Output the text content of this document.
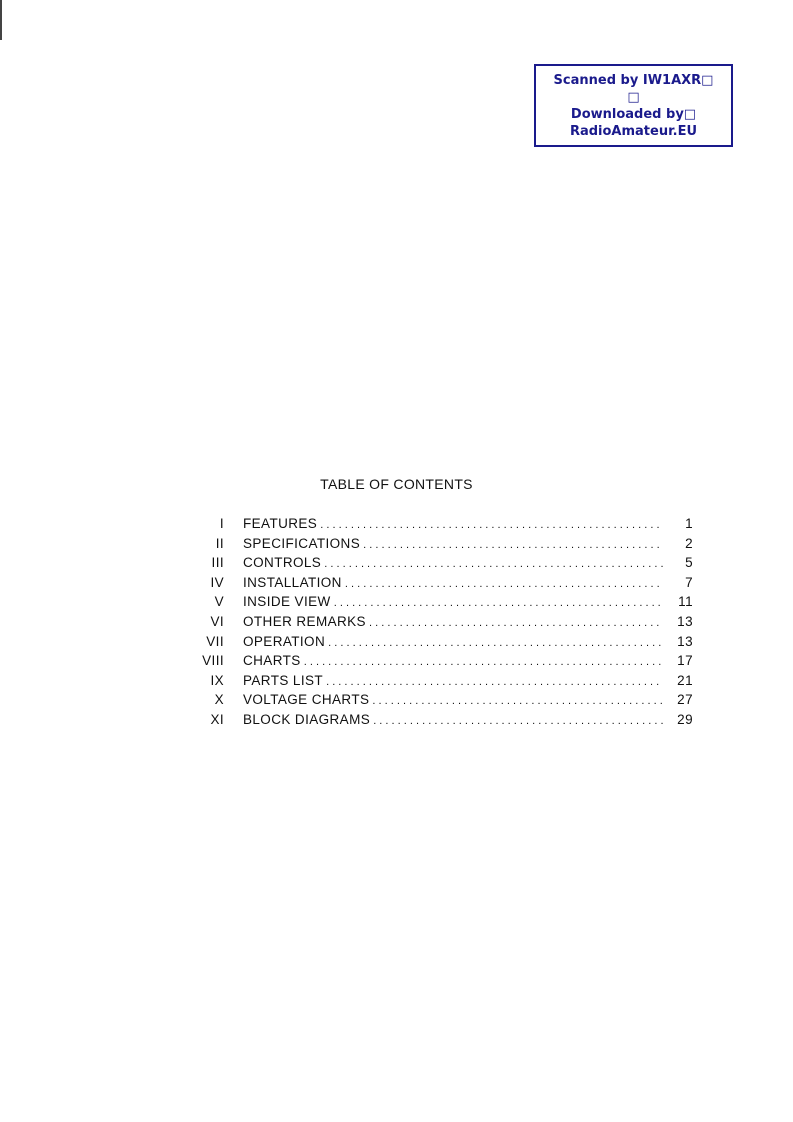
Scanned by IW1AXR□
□
Downloaded by□
RadioAmateur.EU
TABLE OF CONTENTS
I FEATURES . . .	1
II SPECIFICATIONS . . .	2
III CONTROLS . . .	5
IV INSTALLATION . . .	7
V INSIDE VIEW . . .	11
VI OTHER REMARKS . . .	13
VII OPERATION . . .	13
VIII CHARTS . . .	17
IX PARTS LIST . . .	21
X VOLTAGE CHARTS . . .	27
XI BLOCK DIAGRAMS . . .	29
